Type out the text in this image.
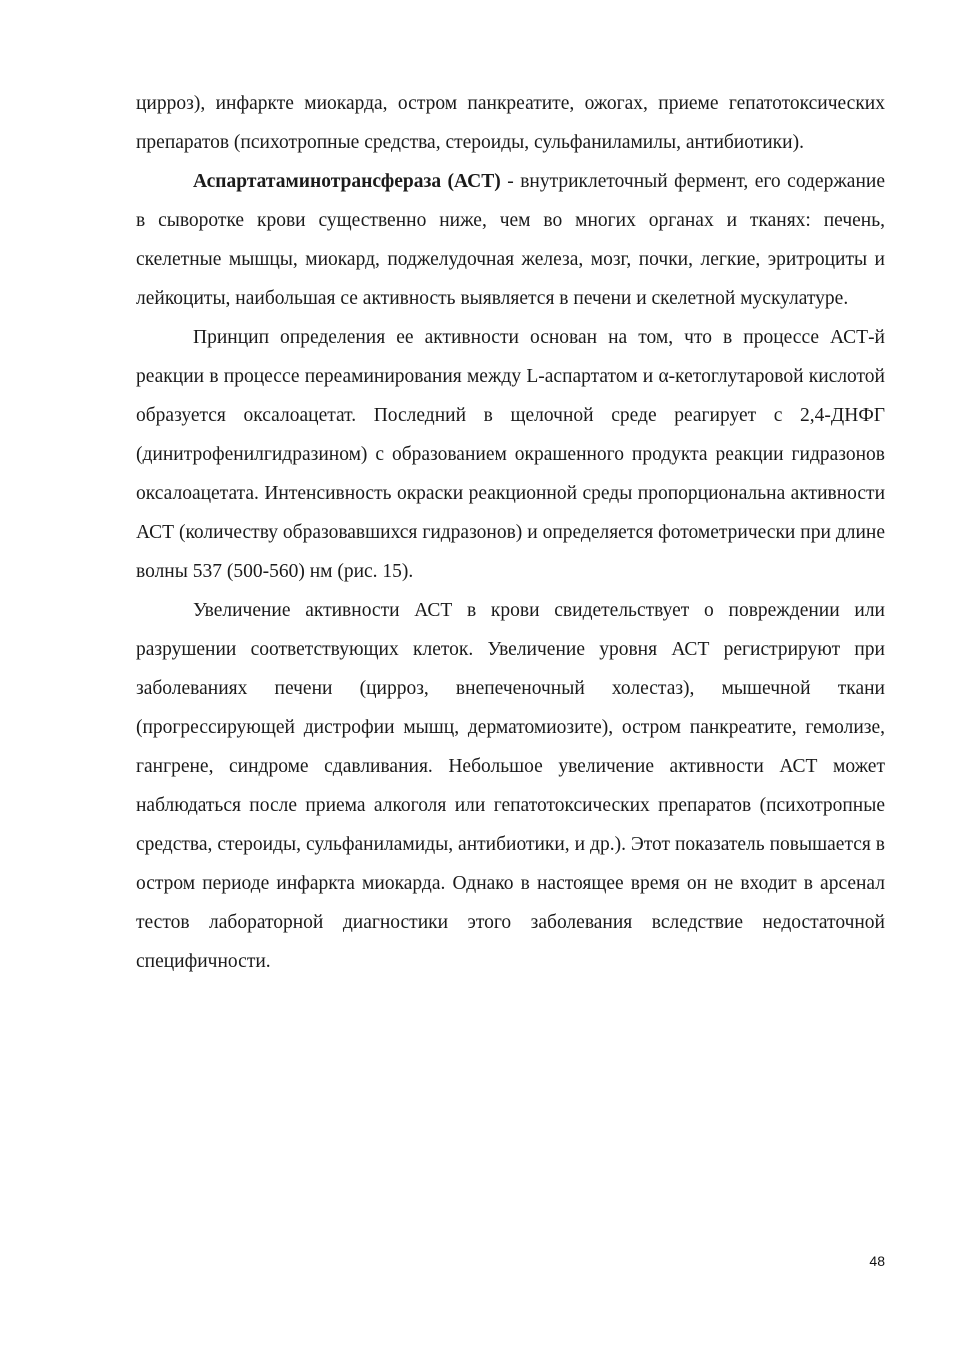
цирроз), инфаркте миокарда, остром панкреатите, ожогах, приеме гепатотоксических препаратов (психотропные средства, стероиды, сульфаниламилы, антибиотики).

Аспартатаминотрансфераза (АСТ) - внутриклеточный фермент, его содержание в сыворотке крови существенно ниже, чем во многих органах и тканях: печень, скелетные мышцы, миокард, поджелудочная железа, мозг, почки, легкие, эритроциты и лейкоциты, наибольшая се активность выявляется в печени и скелетной мускулатуре.

Принцип определения ее активности основан на том, что в процессе АСТ-й реакции в процессе переаминирования между L-аспартатом и α-кетоглутаровой кислотой образуется оксалоацетат. Последний в щелочной среде реагирует с 2,4-ДНФГ (динитрофенилгидразином) с образованием окрашенного продукта реакции гидразонов оксалоацетата. Интенсивность окраски реакционной среды пропорциональна активности АСТ (количеству образовавшихся гидразонов) и определяется фотометрически при длине волны 537 (500-560) нм (рис. 15).

Увеличение активности АСТ в крови свидетельствует о повреждении или разрушении соответствующих клеток. Увеличение уровня АСТ регистрируют при заболеваниях печени (цирроз, внепеченочный холестаз), мышечной ткани (прогрессирующей дистрофии мышц, дерматомиозите), остром панкреатите, гемолизе, гангрене, синдроме сдавливания. Небольшое увеличение активности АСТ может наблюдаться после приема алкоголя или гепатотоксических препаратов (психотропные средства, стероиды, сульфаниламиды, антибиотики, и др.). Этот показатель повышается в остром периоде инфаркта миокарда. Однако в настоящее время он не входит в арсенал тестов лабораторной диагностики этого заболевания вследствие недостаточной специфичности.

48
